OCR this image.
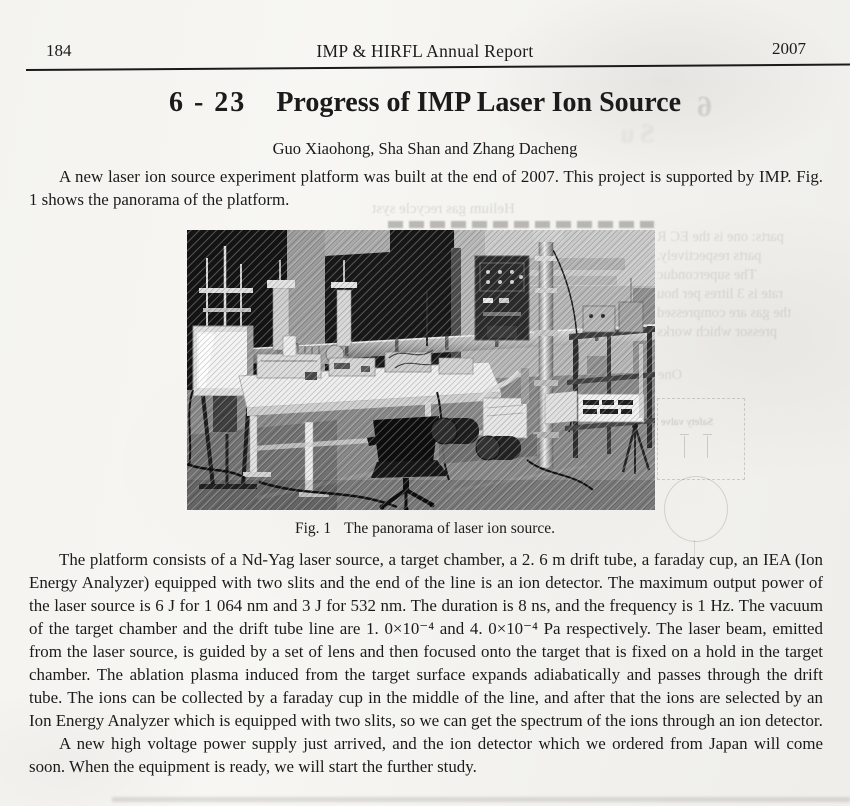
184	IMP & HIRFL Annual Report	2007
6 - 23 Progress of IMP Laser Ion Source
Guo Xiaohong, Sha Shan and Zhang Dacheng

A new laser ion source experiment platform was built at the end of 2007. This project is supported by IMP. Fig. 1 shows the panorama of the platform.

Fig. 1 The panorama of laser ion source.

The platform consists of a Nd-Yag laser source, a target chamber, a 2. 6 m drift tube, a faraday cup, an IEA (Ion Energy Analyzer) equipped with two slits and the end of the line is an ion detector. The maximum output power of the laser source is 6 J for 1 064 nm and 3 J for 532 nm. The duration is 8 ns, and the frequency is 1 Hz. The vacuum of the target chamber and the drift tube line are 1. 0×10⁻⁴ and 4. 0×10⁻⁴ Pa respectively. The laser beam, emitted from the laser source, is guided by a set of lens and then focused onto the target that is fixed on a hold in the target chamber. The ablation plasma induced from the target surface expands adiabatically and passes through the drift tube. The ions can be collected by a faraday cup in the middle of the line, and after that the ions are selected by an Ion Energy Analyzer which is equipped with two slits, so we can get the spectrum of the ions through an ion detector.

A new high voltage power supply just arrived, and the ion detector which we ordered from Japan will come soon. When the equipment is ready, we will start the further study.

6
Su
Helium gas recycle syst
parts: one is the EC R
parts respectively.
The superconduc
rate is 3 litres per hou
the gas are compressed
pressor which works
One
Safety valve
